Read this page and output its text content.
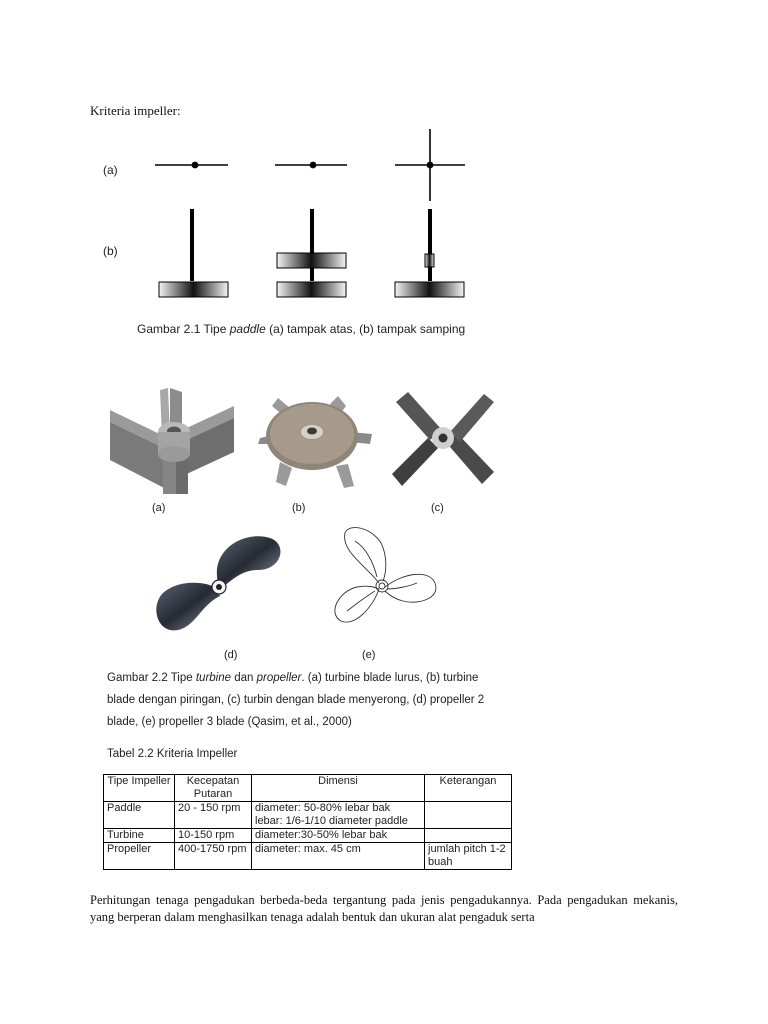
Kriteria impeller:
(a)
(b)
Gambar 2.1 Tipe paddle (a) tampak atas, (b) tampak samping
(a)	(b)	(c)
(d)	(e)
Gambar 2.2 Tipe turbine dan propeller. (a) turbine blade lurus, (b) turbine blade dengan piringan, (c) turbin dengan blade menyerong, (d) propeller 2 blade, (e) propeller 3 blade (Qasim, et al., 2000)
Tabel 2.2 Kriteria Impeller
Tipe Impeller	Kecepatan Putaran	Dimensi	Keterangan
Paddle	20 - 150 rpm	diameter: 50-80% lebar bak
lebar: 1/6-1/10 diameter paddle	

Turbine	10-150 rpm	diameter:30-50% lebar bak	
Propeller	400-1750 rpm	diameter: max. 45 cm	jumlah pitch 1-2 buah
Perhitungan tenaga pengadukan berbeda-beda tergantung pada jenis pengadukannya. Pada pengadukan mekanis, yang berperan dalam menghasilkan tenaga adalah bentuk dan ukuran alat pengaduk serta
